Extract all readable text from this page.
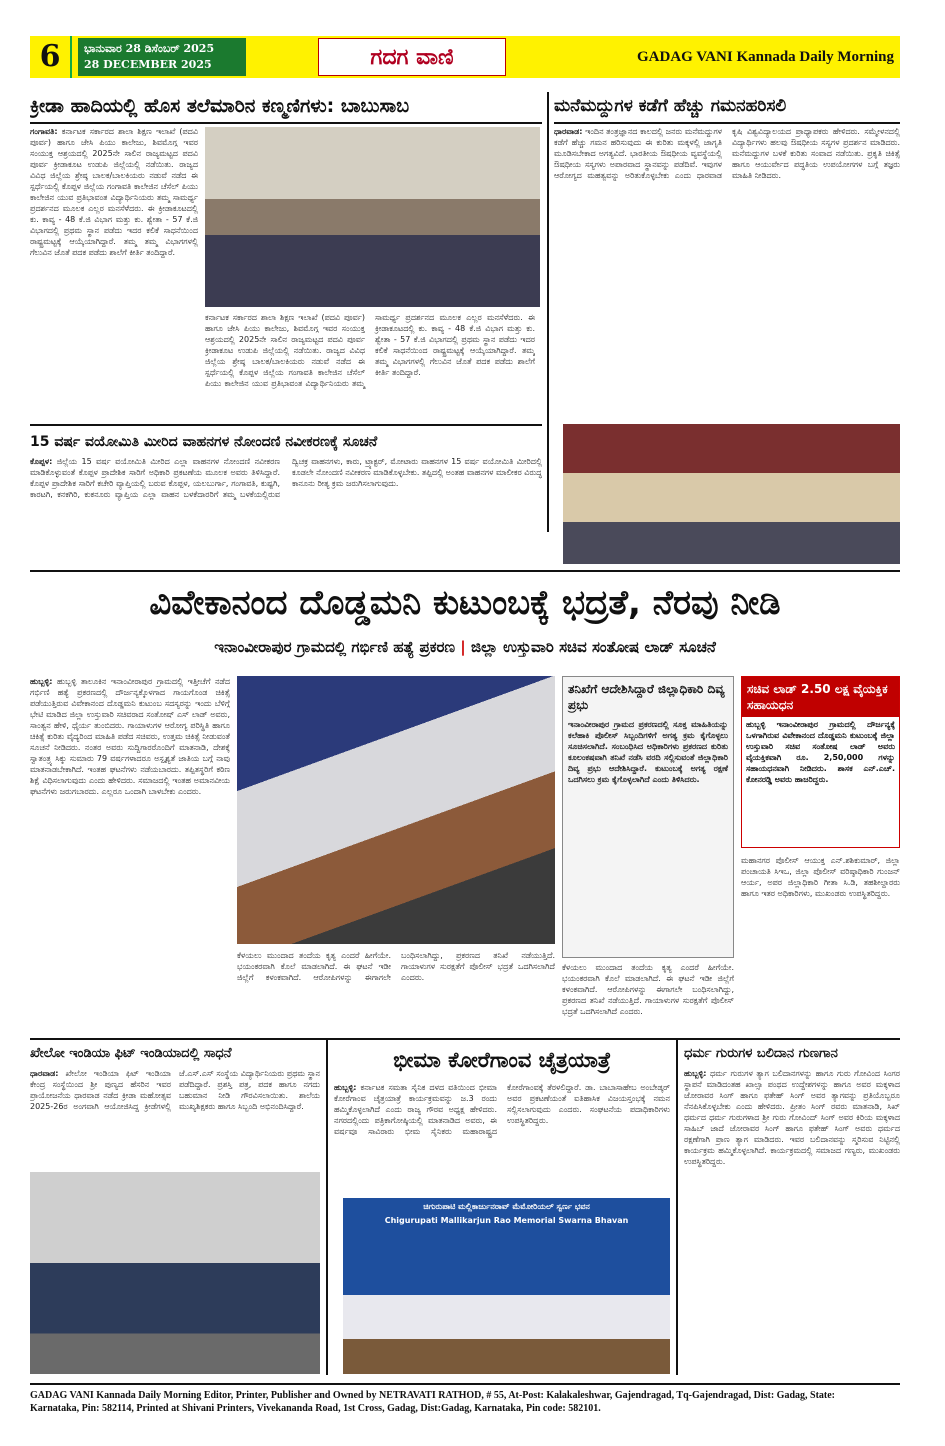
6	ಭಾನುವಾರ 28 ಡಿಸೆಂಬರ್ 2025
28 DECEMBER 2025	ಗದಗ ವಾಣಿ	GADAG VANI Kannada Daily Morning
ಕ್ರೀಡಾ ಹಾದಿಯಲ್ಲಿ ಹೊಸ ತಲೆಮಾರಿನ ಕಣ್ಮಣಿಗಳು: ಬಾಬುಸಾಬ
ಗಂಗಾವತಿ: ಕರ್ನಾಟಕ ಸರ್ಕಾರದ ಶಾಲಾ ಶಿಕ್ಷಣ ಇಲಾಖೆ (ಪದವಿ ಪೂರ್ವ) ಹಾಗೂ ಜೇಸಿ ಪಿಯು ಕಾಲೇಜು, ಶಿವಮೊಗ್ಗ ಇವರ ಸಂಯುಕ್ತ ಆಶ್ರಯದಲ್ಲಿ 2025ನೇ ಸಾಲಿನ ರಾಜ್ಯಮಟ್ಟದ ಪದವಿ ಪೂರ್ವ ಕ್ರೀಡಾಕೂಟ ಉಡುಪಿ ಜಿಲ್ಲೆಯಲ್ಲಿ ನಡೆಯಿತು. ರಾಜ್ಯದ ವಿವಿಧ ಜಿಲ್ಲೆಯ ಶ್ರೇಷ್ಠ ಬಾಲಕ/ಬಾಲಕಿಯರು ನಡುವೆ ನಡೆದ ಈ ಸ್ಪರ್ಧೆಯಲ್ಲಿ ಕೊಪ್ಪಳ ಜಿಲ್ಲೆಯ ಗಂಗಾವತಿ ಕಾಲೇಜಿನ ಚೆಸೆಲ್ ಪಿಯು ಕಾಲೇಜಿನ ಯುವ ಪ್ರತಿಭಾವಂತ ವಿದ್ಯಾರ್ಥಿನಿಯರು ತಮ್ಮ ಸಾಮರ್ಥ್ಯ ಪ್ರದರ್ಶನದ ಮೂಲಕ ಎಲ್ಲರ ಮನಸೆಳೆದರು. ಈ ಕ್ರೀಡಾಕೂಟದಲ್ಲಿ ಕು. ಕಾವ್ಯ - 48 ಕೆ.ಜಿ ವಿಭಾಗ ಮತ್ತು ಕು. ಶ್ವೇತಾ - 57 ಕೆ.ಜಿ ವಿಭಾಗದಲ್ಲಿ ಪ್ರಥಮ ಸ್ಥಾನ ಪಡೆದು ಇದರ ಕಲಿಕೆ ಸಾಧನೆಯಿಂದ ರಾಷ್ಟ್ರಮಟ್ಟಕ್ಕೆ ಆಯ್ಕೆಯಾಗಿದ್ದಾರೆ. ತಮ್ಮ ತಮ್ಮ ವಿಭಾಗಗಳಲ್ಲಿ ಗೆಲುವಿನ ಜೊತೆ ಪದಕ ಪಡೆದು ಶಾಲೆಗೆ ಕೀರ್ತಿ ತಂದಿದ್ದಾರೆ.
ಕರ್ನಾಟಕ ಸರ್ಕಾರದ ಶಾಲಾ ಶಿಕ್ಷಣ ಇಲಾಖೆ (ಪದವಿ ಪೂರ್ವ) ಹಾಗೂ ಜೇಸಿ ಪಿಯು ಕಾಲೇಜು, ಶಿವಮೊಗ್ಗ ಇವರ ಸಂಯುಕ್ತ ಆಶ್ರಯದಲ್ಲಿ 2025ನೇ ಸಾಲಿನ ರಾಜ್ಯಮಟ್ಟದ ಪದವಿ ಪೂರ್ವ ಕ್ರೀಡಾಕೂಟ ಉಡುಪಿ ಜಿಲ್ಲೆಯಲ್ಲಿ ನಡೆಯಿತು. ರಾಜ್ಯದ ವಿವಿಧ ಜಿಲ್ಲೆಯ ಶ್ರೇಷ್ಠ ಬಾಲಕ/ಬಾಲಕಿಯರು ನಡುವೆ ನಡೆದ ಈ ಸ್ಪರ್ಧೆಯಲ್ಲಿ ಕೊಪ್ಪಳ ಜಿಲ್ಲೆಯ ಗಂಗಾವತಿ ಕಾಲೇಜಿನ ಚೆಸೆಲ್ ಪಿಯು ಕಾಲೇಜಿನ ಯುವ ಪ್ರತಿಭಾವಂತ ವಿದ್ಯಾರ್ಥಿನಿಯರು ತಮ್ಮ ಸಾಮರ್ಥ್ಯ ಪ್ರದರ್ಶನದ ಮೂಲಕ ಎಲ್ಲರ ಮನಸೆಳೆದರು. ಈ ಕ್ರೀಡಾಕೂಟದಲ್ಲಿ ಕು. ಕಾವ್ಯ - 48 ಕೆ.ಜಿ ವಿಭಾಗ ಮತ್ತು ಕು. ಶ್ವೇತಾ - 57 ಕೆ.ಜಿ ವಿಭಾಗದಲ್ಲಿ ಪ್ರಥಮ ಸ್ಥಾನ ಪಡೆದು ಇದರ ಕಲಿಕೆ ಸಾಧನೆಯಿಂದ ರಾಷ್ಟ್ರಮಟ್ಟಕ್ಕೆ ಆಯ್ಕೆಯಾಗಿದ್ದಾರೆ. ತಮ್ಮ ತಮ್ಮ ವಿಭಾಗಗಳಲ್ಲಿ ಗೆಲುವಿನ ಜೊತೆ ಪದಕ ಪಡೆದು ಶಾಲೆಗೆ ಕೀರ್ತಿ ತಂದಿದ್ದಾರೆ.
ಮನೆಮದ್ದುಗಳ ಕಡೆಗೆ ಹೆಚ್ಚು ಗಮನಹರಿಸಲಿ
ಧಾರವಾಡ: ಇಂದಿನ ತಂತ್ರಜ್ಞಾನದ ಕಾಲದಲ್ಲಿ ಜನರು ಮನೆಮದ್ದುಗಳ ಕಡೆಗೆ ಹೆಚ್ಚು ಗಮನ ಹರಿಸುವುದು ಈ ಕುರಿತು ಮಕ್ಕಳಲ್ಲಿ ಜಾಗೃತಿ ಮೂಡಿಸಬೇಕಾದ ಅಗತ್ಯವಿದೆ. ಭಾರತೀಯ ಔಷಧೀಯ ವ್ಯವಸ್ಥೆಯಲ್ಲಿ ಔಷಧೀಯ ಸಸ್ಯಗಳು ಅಪಾರವಾದ ಸ್ಥಾನವನ್ನು ಪಡೆದಿವೆ. ಇವುಗಳ ಆರೋಗ್ಯದ ಮಹತ್ವವನ್ನು ಅರಿತುಕೊಳ್ಳಬೇಕು ಎಂದು ಧಾರವಾಡ ಕೃಷಿ ವಿಶ್ವವಿದ್ಯಾಲಯದ ಪ್ರಾಧ್ಯಾಪಕರು ಹೇಳಿದರು. ಸಮ್ಮೇಳನದಲ್ಲಿ ವಿದ್ಯಾರ್ಥಿಗಳು ಹಲವು ಔಷಧೀಯ ಸಸ್ಯಗಳ ಪ್ರದರ್ಶನ ಮಾಡಿದರು. ಮನೆಮದ್ದುಗಳ ಬಳಕೆ ಕುರಿತು ಸಂವಾದ ನಡೆಯಿತು. ಪ್ರಕೃತಿ ಚಿಕಿತ್ಸೆ ಹಾಗೂ ಆಯುರ್ವೇದ ಪದ್ಧತಿಯ ಉಪಯೋಗಗಳ ಬಗ್ಗೆ ತಜ್ಞರು ಮಾಹಿತಿ ನೀಡಿದರು.
15 ವರ್ಷ ವಯೋಮಿತಿ ಮೀರಿದ ವಾಹನಗಳ ನೋಂದಣಿ ನವೀಕರಣಕ್ಕೆ ಸೂಚನೆ
ಕೊಪ್ಪಳ: ಜಿಲ್ಲೆಯ 15 ವರ್ಷ ವಯೋಮಿತಿ ಮೀರಿದ ಎಲ್ಲಾ ವಾಹನಗಳ ನೋಂದಣಿ ನವೀಕರಣ ಮಾಡಿಕೊಳ್ಳುವಂತೆ ಕೊಪ್ಪಳ ಪ್ರಾದೇಶಿಕ ಸಾರಿಗೆ ಅಧಿಕಾರಿ ಪ್ರಕಟಣೆಯ ಮೂಲಕ ಅವರು ತಿಳಿಸಿದ್ದಾರೆ. ಕೊಪ್ಪಳ ಪ್ರಾದೇಶಿಕ ಸಾರಿಗೆ ಕಚೇರಿ ವ್ಯಾಪ್ತಿಯಲ್ಲಿ ಬರುವ ಕೊಪ್ಪಳ, ಯಲಬುರ್ಗಾ, ಗಂಗಾವತಿ, ಕುಷ್ಟಗಿ, ಕಾರಟಗಿ, ಕನಕಗಿರಿ, ಕುಕನೂರು ವ್ಯಾಪ್ತಿಯ ಎಲ್ಲಾ ವಾಹನ ಬಳಕೆದಾರರಿಗೆ ತಮ್ಮ ಬಳಕೆಯಲ್ಲಿರುವ ದ್ವಿಚಕ್ರ ವಾಹನಗಳು, ಕಾರು, ಟ್ರ್ಯಾಕ್ಟರ್, ಮೋಟಾರು ವಾಹನಗಳ 15 ವರ್ಷ ವಯೋಮಿತಿ ಮೀರಿದಲ್ಲಿ ಕೂಡಲೇ ನೋಂದಣಿ ನವೀಕರಣ ಮಾಡಿಕೊಳ್ಳಬೇಕು. ತಪ್ಪಿದಲ್ಲಿ ಅಂತಹ ವಾಹನಗಳ ಮಾಲೀಕರ ವಿರುದ್ಧ ಕಾನೂನು ರೀತ್ಯ ಕ್ರಮ ಜರುಗಿಸಲಾಗುವುದು.
ವಿವೇಕಾನಂದ ದೊಡ್ಡಮನಿ ಕುಟುಂಬಕ್ಕೆ ಭದ್ರತೆ, ನೆರವು ನೀಡಿ
ಇನಾಂವೀರಾಪುರ ಗ್ರಾಮದಲ್ಲಿ ಗರ್ಭಿಣಿ ಹತ್ಯೆ ಪ್ರಕರಣ | ಜಿಲ್ಲಾ ಉಸ್ತುವಾರಿ ಸಚಿವ ಸಂತೋಷ ಲಾಡ್ ಸೂಚನೆ
ಹುಬ್ಬಳ್ಳಿ: ಹುಬ್ಬಳ್ಳಿ ತಾಲೂಕಿನ ಇನಾಂವೀರಾಪುರ ಗ್ರಾಮದಲ್ಲಿ ಇತ್ತೀಚೆಗೆ ನಡೆದ ಗರ್ಭಿಣಿ ಹತ್ಯೆ ಪ್ರಕರಣದಲ್ಲಿ ದೌರ್ಜನ್ಯಕ್ಕೊಳಗಾದ ಗಾಯಗೊಂಡ ಚಿಕಿತ್ಸೆ ಪಡೆಯುತ್ತಿರುವ ವಿವೇಕಾನಂದ ದೊಡ್ಡಮನಿ ಕುಟುಂಬ ಸದಸ್ಯರನ್ನು ಇಂದು ಬೆಳಿಗ್ಗೆ ಭೇಟಿ ಮಾಡಿದ ಜಿಲ್ಲಾ ಉಸ್ತುವಾರಿ ಸಚಿವರಾದ ಸಂತೋಷ್ ಎಸ್ ಲಾಡ್ ಅವರು, ಸಾಂತ್ವನ ಹೇಳಿ, ಧೈರ್ಯ ತುಂಬಿದರು. ಗಾಯಾಳುಗಳ ಆರೋಗ್ಯ ಪರಿಸ್ಥಿತಿ ಹಾಗೂ ಚಿಕಿತ್ಸೆ ಕುರಿತು ವೈದ್ಯರಿಂದ ಮಾಹಿತಿ ಪಡೆದ ಸಚಿವರು, ಉತ್ತಮ ಚಿಕಿತ್ಸೆ ನೀಡುವಂತೆ ಸೂಚನೆ ನೀಡಿದರು. ನಂತರ ಅವರು ಸುದ್ದಿಗಾರರೊಂದಿಗೆ ಮಾತನಾಡಿ, ದೇಶಕ್ಕೆ ಸ್ವಾತಂತ್ರ್ಯ ಸಿಕ್ಕು ಸುಮಾರು 79 ವರ್ಷಗಳಾದರೂ ಅಸ್ಪೃಶ್ಯತೆ ಜಾತಿಯ ಬಗ್ಗೆ ನಾವು ಮಾತನಾಡಬೇಕಾಗಿದೆ. ಇಂತಹ ಘಟನೆಗಳು ನಡೆಯಬಾರದು. ತಪ್ಪಿತಸ್ಥರಿಗೆ ಕಠಿಣ ಶಿಕ್ಷೆ ವಿಧಿಸಲಾಗುವುದು ಎಂದು ಹೇಳಿದರು. ಸಮಾಜದಲ್ಲಿ ಇಂತಹ ಅಮಾನವೀಯ ಘಟನೆಗಳು ಜರುಗಬಾರದು. ಎಲ್ಲರೂ ಒಂದಾಗಿ ಬಾಳಬೇಕು ಎಂದರು.
ಕೆಳಯಲು ಮುಂದಾದ ತಂದೆಯ ಕೃತ್ಯ ಎಂದರೆ ಹೀಗೆಯೇ. ಭಯಂಕರವಾಗಿ ಕೊಲೆ ಮಾಡಲಾಗಿದೆ. ಈ ಘಟನೆ ಇಡೀ ಜಿಲ್ಲೆಗೆ ಕಳಂಕವಾಗಿದೆ. ಆರೋಪಿಗಳನ್ನು ಈಗಾಗಲೇ ಬಂಧಿಸಲಾಗಿದ್ದು, ಪ್ರಕರಣದ ತನಿಖೆ ನಡೆಯುತ್ತಿದೆ. ಗಾಯಾಳುಗಳ ಸುರಕ್ಷತೆಗೆ ಪೊಲೀಸ್ ಭದ್ರತೆ ಒದಗಿಸಲಾಗಿದೆ ಎಂದರು.
ತನಿಖೆಗೆ ಆದೇಶಿಸಿದ್ದಾರೆ ಜಿಲ್ಲಾಧಿಕಾರಿ ದಿವ್ಯ ಪ್ರಭು
ಇನಾಂವೀರಾಪುರ ಗ್ರಾಮದ ಪ್ರಕರಣದಲ್ಲಿ ಸೂಕ್ತ ಮಾಹಿತಿಯನ್ನು ಕಲೆಹಾಕಿ ಪೊಲೀಸ್ ಸಿಬ್ಬಂದಿಗಳಿಗೆ ಅಗತ್ಯ ಕ್ರಮ ಕೈಗೊಳ್ಳಲು ಸೂಚಿಸಲಾಗಿದೆ. ಸಂಬಂಧಿಸಿದ ಅಧಿಕಾರಿಗಳು ಪ್ರಕರಣದ ಕುರಿತು ಕೂಲಂಕಷವಾಗಿ ತನಿಖೆ ನಡೆಸಿ ವರದಿ ಸಲ್ಲಿಸುವಂತೆ ಜಿಲ್ಲಾಧಿಕಾರಿ ದಿವ್ಯ ಪ್ರಭು ಆದೇಶಿಸಿದ್ದಾರೆ. ಕುಟುಂಬಕ್ಕೆ ಅಗತ್ಯ ರಕ್ಷಣೆ ಒದಗಿಸಲು ಕ್ರಮ ಕೈಗೊಳ್ಳಲಾಗಿದೆ ಎಂದು ತಿಳಿಸಿದರು.
ಕೆಳಯಲು ಮುಂದಾದ ತಂದೆಯ ಕೃತ್ಯ ಎಂದರೆ ಹೀಗೆಯೇ. ಭಯಂಕರವಾಗಿ ಕೊಲೆ ಮಾಡಲಾಗಿದೆ. ಈ ಘಟನೆ ಇಡೀ ಜಿಲ್ಲೆಗೆ ಕಳಂಕವಾಗಿದೆ. ಆರೋಪಿಗಳನ್ನು ಈಗಾಗಲೇ ಬಂಧಿಸಲಾಗಿದ್ದು, ಪ್ರಕರಣದ ತನಿಖೆ ನಡೆಯುತ್ತಿದೆ. ಗಾಯಾಳುಗಳ ಸುರಕ್ಷತೆಗೆ ಪೊಲೀಸ್ ಭದ್ರತೆ ಒದಗಿಸಲಾಗಿದೆ ಎಂದರು.
ಸಚಿವ ಲಾಡ್ 2.50 ಲಕ್ಷ ವೈಯಕ್ತಿಕ ಸಹಾಯಧನ
ಹುಬ್ಬಳ್ಳಿ ಇನಾಂವೀರಾಪುರ ಗ್ರಾಮದಲ್ಲಿ ದೌರ್ಜನ್ಯಕ್ಕೆ ಒಳಗಾಗಿರುವ ವಿವೇಕಾನಂದ ದೊಡ್ಡಮನಿ ಕುಟುಂಬಕ್ಕೆ ಜಿಲ್ಲಾ ಉಸ್ತುವಾರಿ ಸಚಿವ ಸಂತೋಷ ಲಾಡ್ ಅವರು ವೈಯಕ್ತಿಕವಾಗಿ ರೂ. 2,50,000 ಗಳನ್ನು ಸಹಾಯಧನವಾಗಿ ನೀಡಿದರು. ಶಾಸಕ ಎನ್.ಎಚ್. ಕೋನರಡ್ಡಿ ಅವರು ಹಾಜರಿದ್ದರು.
ಮಹಾನಗರ ಪೊಲೀಸ್ ಆಯುಕ್ತ ಎನ್.ಶಶಿಕುಮಾರ್, ಜಿಲ್ಲಾ ಪಂಚಾಯತಿ ಸಿಇಒ, ಜಿಲ್ಲಾ ಪೊಲೀಸ್ ವರಿಷ್ಠಾಧಿಕಾರಿ ಗುಂಜನ್ ಆರ್ಯ, ಅಪರ ಜಿಲ್ಲಾಧಿಕಾರಿ ಗೀತಾ ಸಿ.ಡಿ, ತಹಶೀಲ್ದಾರರು ಹಾಗೂ ಇತರ ಅಧಿಕಾರಿಗಳು, ಮುಖಂಡರು ಉಪಸ್ಥಿತರಿದ್ದರು.
ಖೇಲೋ ಇಂಡಿಯಾ ಫಿಟ್ ಇಂಡಿಯಾದಲ್ಲಿ ಸಾಧನೆ
ಧಾರವಾಡ: ಖೇಲೋ ಇಂಡಿಯಾ ಫಿಟ್ ಇಂಡಿಯಾ ಕೇಂದ್ರ ಸಂಸ್ಥೆಯಿಂದ ಶ್ರೀ ಪುಣ್ಯದ ಹೆಸರಿನ ಇವರ ಪ್ರಾಯೋಜನೆಯ ಧಾರವಾಡ ನಡೆದ ಕ್ರೀಡಾ ಮಹೋತ್ಸವ 2025-26ರ ಅಂಗವಾಗಿ ಆಯೋಜಿಸಿದ್ದ ಕ್ರೀಡೆಗಳಲ್ಲಿ ಜೆ.ಎಸ್.ಎಸ್ ಸಂಸ್ಥೆಯ ವಿದ್ಯಾರ್ಥಿನಿಯರು ಪ್ರಥಮ ಸ್ಥಾನ ಪಡೆದಿದ್ದಾರೆ. ಪ್ರಶಸ್ತಿ ಪತ್ರ, ಪದಕ ಹಾಗೂ ನಗದು ಬಹುಮಾನ ನೀಡಿ ಗೌರವಿಸಲಾಯಿತು. ಶಾಲೆಯ ಮುಖ್ಯಶಿಕ್ಷಕರು ಹಾಗೂ ಸಿಬ್ಬಂದಿ ಅಭಿನಂದಿಸಿದ್ದಾರೆ.
ಭೀಮಾ ಕೋರೆಗಾಂವ ಚೈತ್ರಯಾತ್ರೆ
ಹುಬ್ಬಳ್ಳಿ: ಕರ್ನಾಟಕ ಸಮತಾ ಸೈನಿಕ ದಳದ ವತಿಯಿಂದ ಭೀಮಾ ಕೋರೆಗಾಂವ ಚೈತ್ರಯಾತ್ರೆ ಕಾರ್ಯಕ್ರಮವನ್ನು ಜ.3 ರಂದು ಹಮ್ಮಿಕೊಳ್ಳಲಾಗಿದೆ ಎಂದು ರಾಜ್ಯ ಗೌರವ ಅಧ್ಯಕ್ಷ ಹೇಳಿದರು. ನಗರದಲ್ಲಿಂದು ಪತ್ರಿಕಾಗೋಷ್ಠಿಯಲ್ಲಿ ಮಾತನಾಡಿದ ಅವರು, ಈ ವರ್ಷವೂ ಸಾವಿರಾರು ಭೀಮ ಸೈನಿಕರು ಮಹಾರಾಷ್ಟ್ರದ ಕೋರೆಗಾಂವಕ್ಕೆ ತೆರಳಲಿದ್ದಾರೆ. ಡಾ. ಬಾಬಾಸಾಹೇಬ ಅಂಬೇಡ್ಕರ್ ಅವರ ಪ್ರಕಟಣೆಯಂತೆ ಐತಿಹಾಸಿಕ ವಿಜಯಸ್ತಂಭಕ್ಕೆ ನಮನ ಸಲ್ಲಿಸಲಾಗುವುದು ಎಂದರು. ಸಂಘಟನೆಯ ಪದಾಧಿಕಾರಿಗಳು ಉಪಸ್ಥಿತರಿದ್ದರು.
ಚಿಗುರುಪಾಟಿ ಮಲ್ಲಿಕಾರ್ಜುನರಾವ್ ಮೆಮೋರಿಯಲ್ ಸ್ವರ್ಣ ಭವನ
Chigurupati Mallikarjun Rao Memorial Swarna Bhavan
ಧರ್ಮ ಗುರುಗಳ ಬಲಿದಾನ ಗುಣಗಾನ
ಹುಬ್ಬಳ್ಳಿ: ಧರ್ಮ ಗುರುಗಳ ತ್ಯಾಗ ಬಲಿದಾನಗಳನ್ನು ಹಾಗೂ ಗುರು ಗೋವಿಂದ ಸಿಂಗರ ಸ್ಥಾಪನೆ ಮಾಡಿದಂತಹ ಖಾಲ್ಸಾ ಪಂಥದ ಉದ್ದೇಶಗಳನ್ನು ಹಾಗೂ ಅವರ ಮಕ್ಕಳಾದ ಜೋರಾವರ ಸಿಂಗ್ ಹಾಗೂ ಫತೇಹ್ ಸಿಂಗ್ ಅವರ ತ್ಯಾಗವನ್ನು ಪ್ರತಿಯೊಬ್ಬರೂ ನೆನಪಿಸಿಕೊಳ್ಳಬೇಕು ಎಂದು ಹೇಳಿದರು. ಪ್ರೀತಂ ಸಿಂಗ್ ರವರು ಮಾತನಾಡಿ, ಸಿಖ್ ಧರ್ಮದ ಧರ್ಮ ಗುರುಗಳಾದ ಶ್ರೀ ಗುರು ಗೋವಿಂದ್ ಸಿಂಗ್ ಅವರ ಕಿರಿಯ ಮಕ್ಕಳಾದ ಸಾಹಿಬ್ ಜಾದೆ ಜೋರಾವರ ಸಿಂಗ್ ಹಾಗೂ ಫತೇಹ್ ಸಿಂಗ್ ಅವರು ಧರ್ಮದ ರಕ್ಷಣೆಗಾಗಿ ಪ್ರಾಣ ತ್ಯಾಗ ಮಾಡಿದರು. ಇವರ ಬಲಿದಾನವನ್ನು ಸ್ಮರಿಸುವ ನಿಟ್ಟಿನಲ್ಲಿ ಕಾರ್ಯಕ್ರಮ ಹಮ್ಮಿಕೊಳ್ಳಲಾಗಿದೆ. ಕಾರ್ಯಕ್ರಮದಲ್ಲಿ ಸಮಾಜದ ಗಣ್ಯರು, ಮುಖಂಡರು ಉಪಸ್ಥಿತರಿದ್ದರು.
GADAG VANI Kannada Daily Morning Editor, Printer, Publisher and Owned by NETRAVATI RATHOD, # 55, At-Post: Kalakaleshwar, Gajendragad, Tq-Gajendragad, Dist: Gadag, State:
Karnataka, Pin: 582114, Printed at Shivani Printers, Vivekananda Road, 1st Cross, Gadag, Dist:Gadag, Karnataka, Pin code: 582101.
